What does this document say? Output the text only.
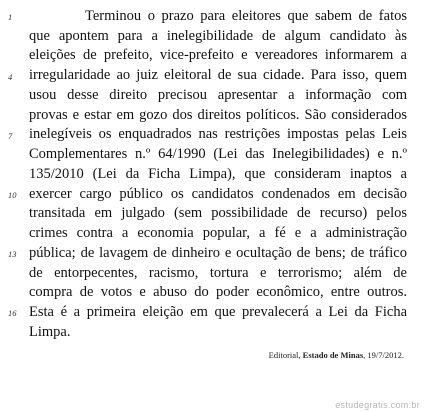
1
4
7
10
13
16
Terminou o prazo para eleitores que sabem de fatos
que apontem para a inelegibilidade de algum candidato às
eleições de prefeito, vice-prefeito e vereadores informarem a
irregularidade ao juiz eleitoral de sua cidade. Para isso, quem
usou desse direito precisou apresentar a informação com
provas e estar em gozo dos direitos políticos. São considerados
inelegíveis os enquadrados nas restrições impostas pelas Leis
Complementares n.º 64/1990 (Lei das Inelegibilidades) e n.º
135/2010 (Lei da Ficha Limpa), que consideram inaptos a
exercer cargo público os candidatos condenados em decisão
transitada em julgado (sem possibilidade de recurso) pelos
crimes contra a economia popular, a fé e a administração
pública; de lavagem de dinheiro e ocultação de bens; de tráfico
de entorpecentes, racismo, tortura e terrorismo; além de
compra de votos e abuso do poder econômico, entre outros.
Esta é a primeira eleição em que prevalecerá a Lei da Ficha
Limpa.
Editorial, Estado de Minas, 19/7/2012.
estudegratis.com.br
